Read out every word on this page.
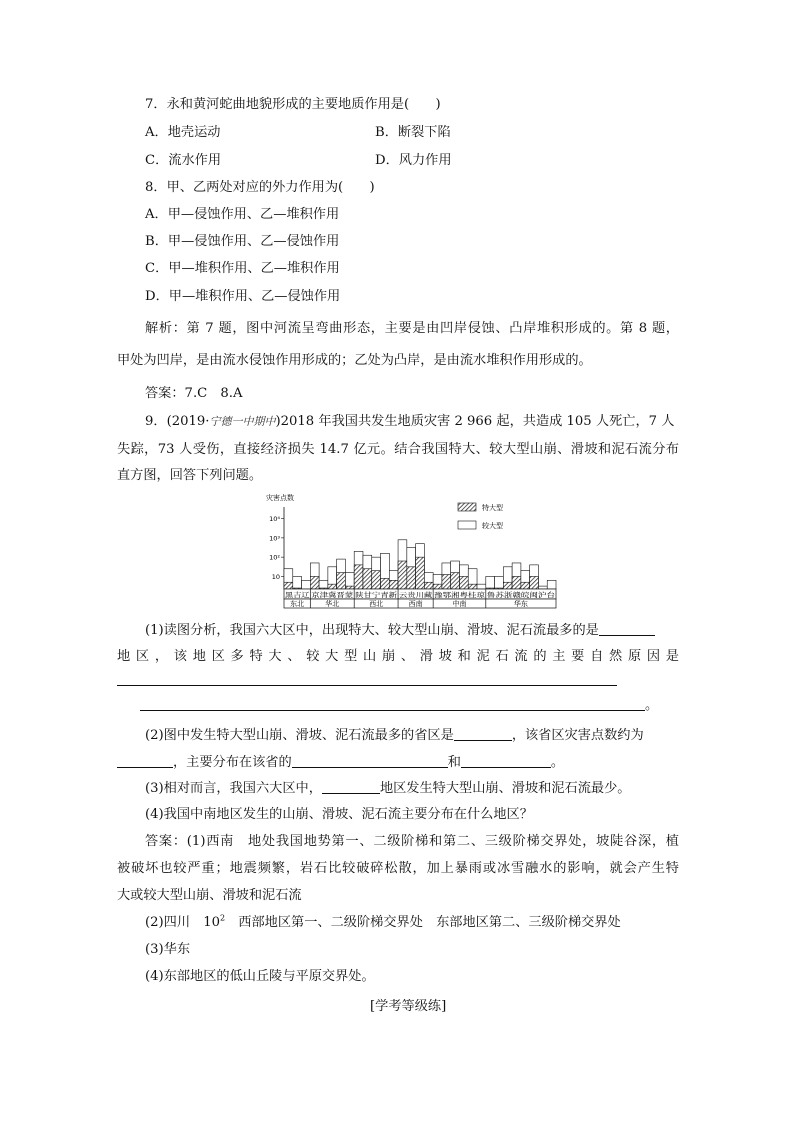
7．永和黄河蛇曲地貌形成的主要地质作用是(　　)
A．地壳运动	B．断裂下陷
C．流水作用	D．风力作用
8．甲、乙两处对应的外力作用为(　　)
A．甲—侵蚀作用、乙—堆积作用
B．甲—侵蚀作用、乙—侵蚀作用
C．甲—堆积作用、乙—堆积作用
D．甲—堆积作用、乙—侵蚀作用
解析：第 7 题，图中河流呈弯曲形态，主要是由凹岸侵蚀、凸岸堆积形成的。第 8 题，
甲处为凹岸，是由流水侵蚀作用形成的；乙处为凸岸，是由流水堆积作用形成的。
答案：7.C　8.A
9．(2019·宁德一中期中)2018 年我国共发生地质灾害 2 966 起，共造成 105 人死亡，7 人
失踪，73 人受伤，直接经济损失 14.7 亿元。结合我国特大、较大型山崩、滑坡和泥石流分布
直方图，回答下列问题。
灾害点数
10
10²
10³
10⁴
黑吉辽
东北
京津冀晋蒙
华北
陕甘宁青新
西北
云贵川藏
西南
豫鄂湘粤桂琼
中南
鲁苏浙赣皖闽沪台
华东
特大型
较大型
(1)读图分析，我国六大区中，出现特大、较大型山崩、滑坡、泥石流最多的是
地区，该地区多特大、较大型山崩、滑坡和泥石流的主要自然原因是
。
(2)图中发生特大型山崩、滑坡、泥石流最多的省区是	，该省区灾害点数约为
，主要分布在该省的	和	。
(3)相对而言，我国六大区中，	地区发生特大型山崩、滑坡和泥石流最少。
(4)我国中南地区发生的山崩、滑坡、泥石流主要分布在什么地区？
答案：(1)西南　地处我国地势第一、二级阶梯和第二、三级阶梯交界处，坡陡谷深，植
被破坏也较严重；地震频繁，岩石比较破碎松散，加上暴雨或冰雪融水的影响，就会产生特
大或较大型山崩、滑坡和泥石流
(2)四川　$10^2$　西部地区第一、二级阶梯交界处　东部地区第二、三级阶梯交界处
(3)华东
(4)东部地区的低山丘陵与平原交界处。
[学考等级练]
